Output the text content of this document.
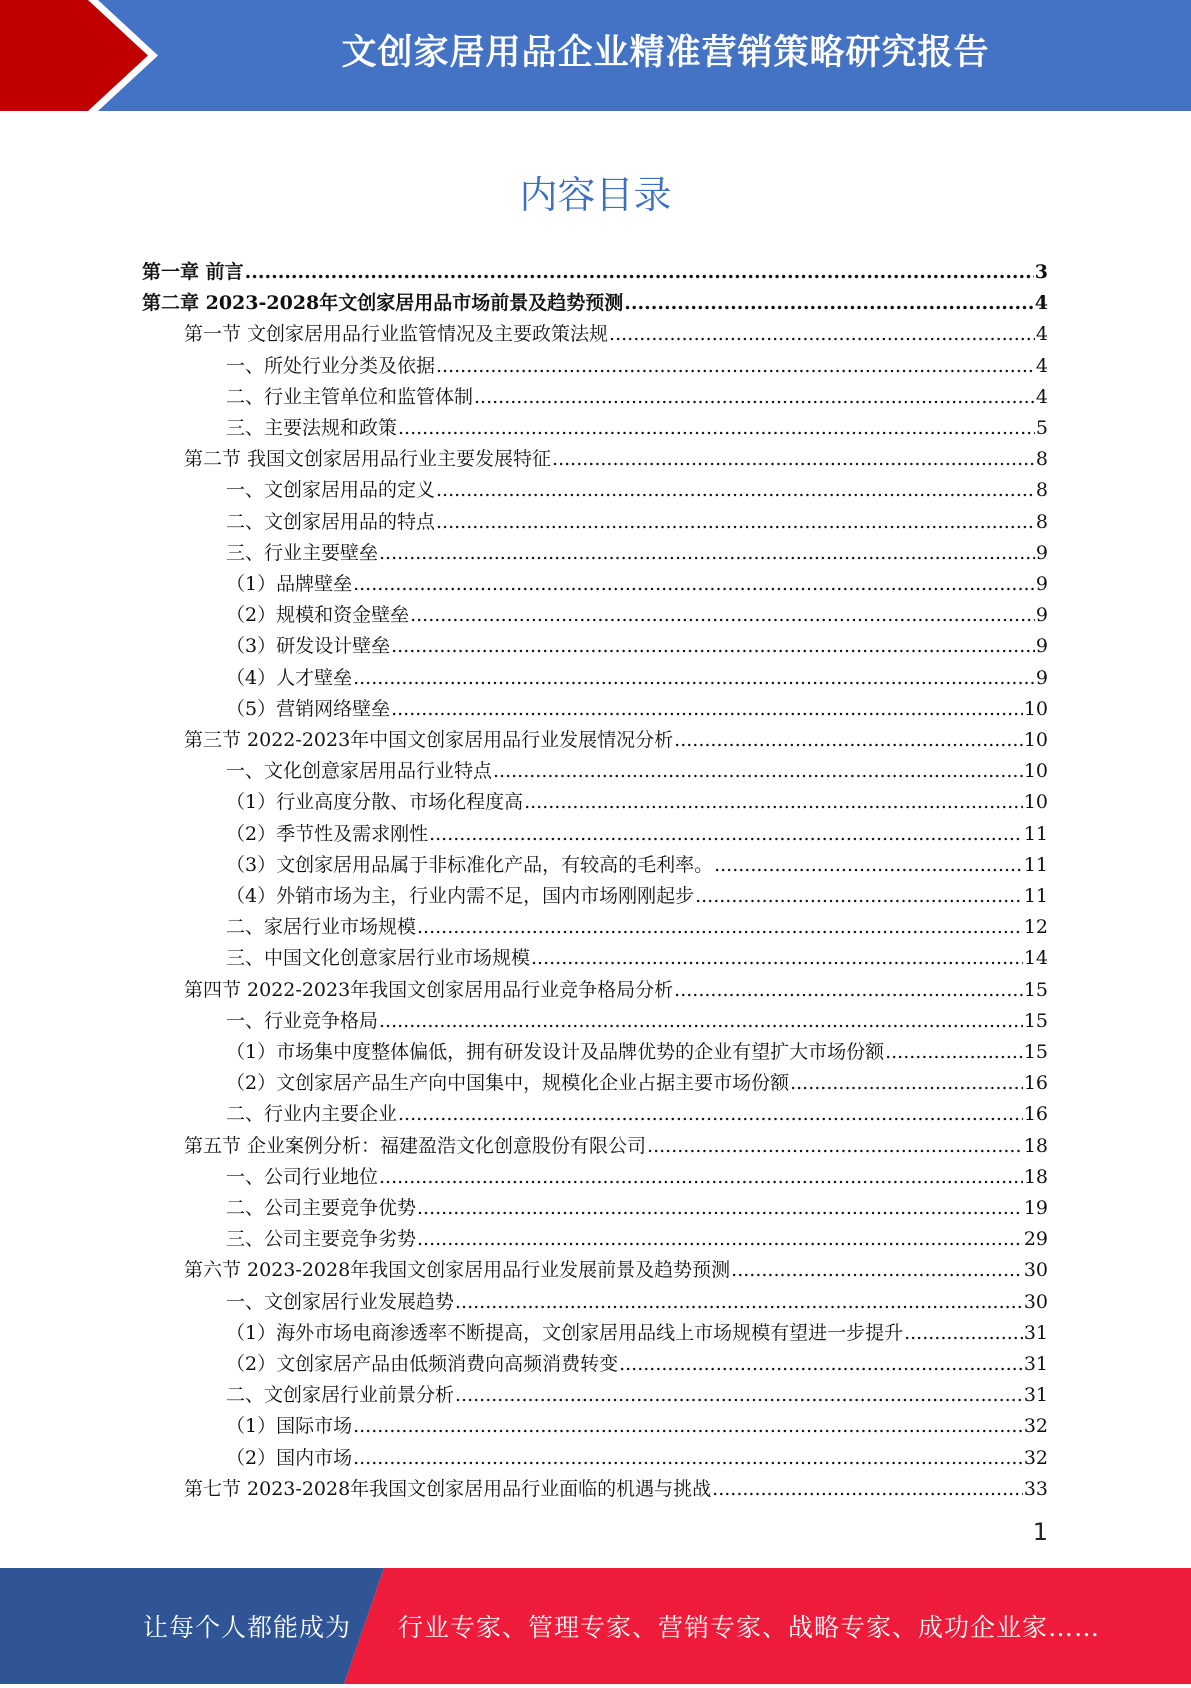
文创家居用品企业精准营销策略研究报告
内容目录
第一章 前言 .....	3
第二章 2023-2028年文创家居用品市场前景及趋势预测 .....	4
第一节 文创家居用品行业监管情况及主要政策法规 .....	4
一、所处行业分类及依据 .....	4
二、行业主管单位和监管体制 .....	4
三、主要法规和政策 .....	5
第二节 我国文创家居用品行业主要发展特征 .....	8
一、文创家居用品的定义 .....	8
二、文创家居用品的特点 .....	8
三、行业主要壁垒 .....	9
（1）品牌壁垒 .....	9
（2）规模和资金壁垒 .....	9
（3）研发设计壁垒 .....	9
（4）人才壁垒 .....	9
（5）营销网络壁垒 .....	10
第三节 2022-2023年中国文创家居用品行业发展情况分析 .....	10
一、文化创意家居用品行业特点 .....	10
（1）行业高度分散、市场化程度高 .....	10
（2）季节性及需求刚性 .....	11
（3）文创家居用品属于非标准化产品，有较高的毛利率。 .....	11
（4）外销市场为主，行业内需不足，国内市场刚刚起步 .....	11
二、家居行业市场规模 .....	12
三、中国文化创意家居行业市场规模 .....	14
第四节 2022-2023年我国文创家居用品行业竞争格局分析 .....	15
一、行业竞争格局 .....	15
（1）市场集中度整体偏低，拥有研发设计及品牌优势的企业有望扩大市场份额 .....	15
（2）文创家居产品生产向中国集中，规模化企业占据主要市场份额 .....	16
二、行业内主要企业 .....	16
第五节 企业案例分析：福建盈浩文化创意股份有限公司 .....	18
一、公司行业地位 .....	18
二、公司主要竞争优势 .....	19
三、公司主要竞争劣势 .....	29
第六节 2023-2028年我国文创家居用品行业发展前景及趋势预测 .....	30
一、文创家居行业发展趋势 .....	30
（1）海外市场电商渗透率不断提高，文创家居用品线上市场规模有望进一步提升 .....	31
（2）文创家居产品由低频消费向高频消费转变 .....	31
二、文创家居行业前景分析 .....	31
（1）国际市场 .....	32
（2）国内市场 .....	32
第七节 2023-2028年我国文创家居用品行业面临的机遇与挑战 .....	33
1
让每个人都能成为 行业专家、管理专家、营销专家、战略专家、成功企业家……
